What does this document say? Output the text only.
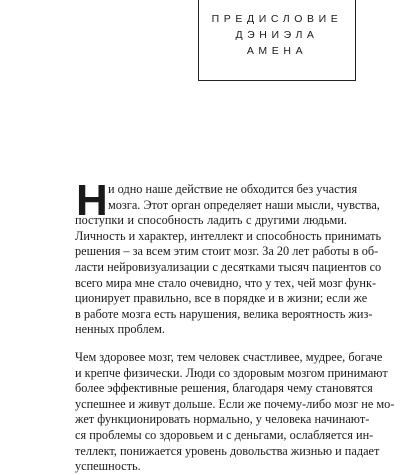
ПРЕДИСЛОВИЕ
ДЭНИЭЛА
АМЕНА
Н и одно наше действие не обходится без участия
мозга. Этот орган определяет наши мысли, чувства,
поступки и способность ладить с другими людьми.
Личность и характер, интеллект и способность принимать
решения – за всем этим стоит мозг. За 20 лет работы в об-
ласти нейровизуализации с десятками тысяч пациентов со
всего мира мне стало очевидно, что у тех, чей мозг функ-
ционирует правильно, все в порядке и в жизни; если же
в работе мозга есть нарушения, велика вероятность жиз-
ненных проблем.
Чем здоровее мозг, тем человек счастливее, мудрее, богаче
и крепче физически. Люди со здоровым мозгом принимают
более эффективные решения, благодаря чему становятся
успешнее и живут дольше. Если же почему-либо мозг не мо-
жет функционировать нормально, у человека начинают-
ся проблемы со здоровьем и с деньгами, ослабляется ин-
теллект, понижается уровень довольства жизнью и падает
успешность.
